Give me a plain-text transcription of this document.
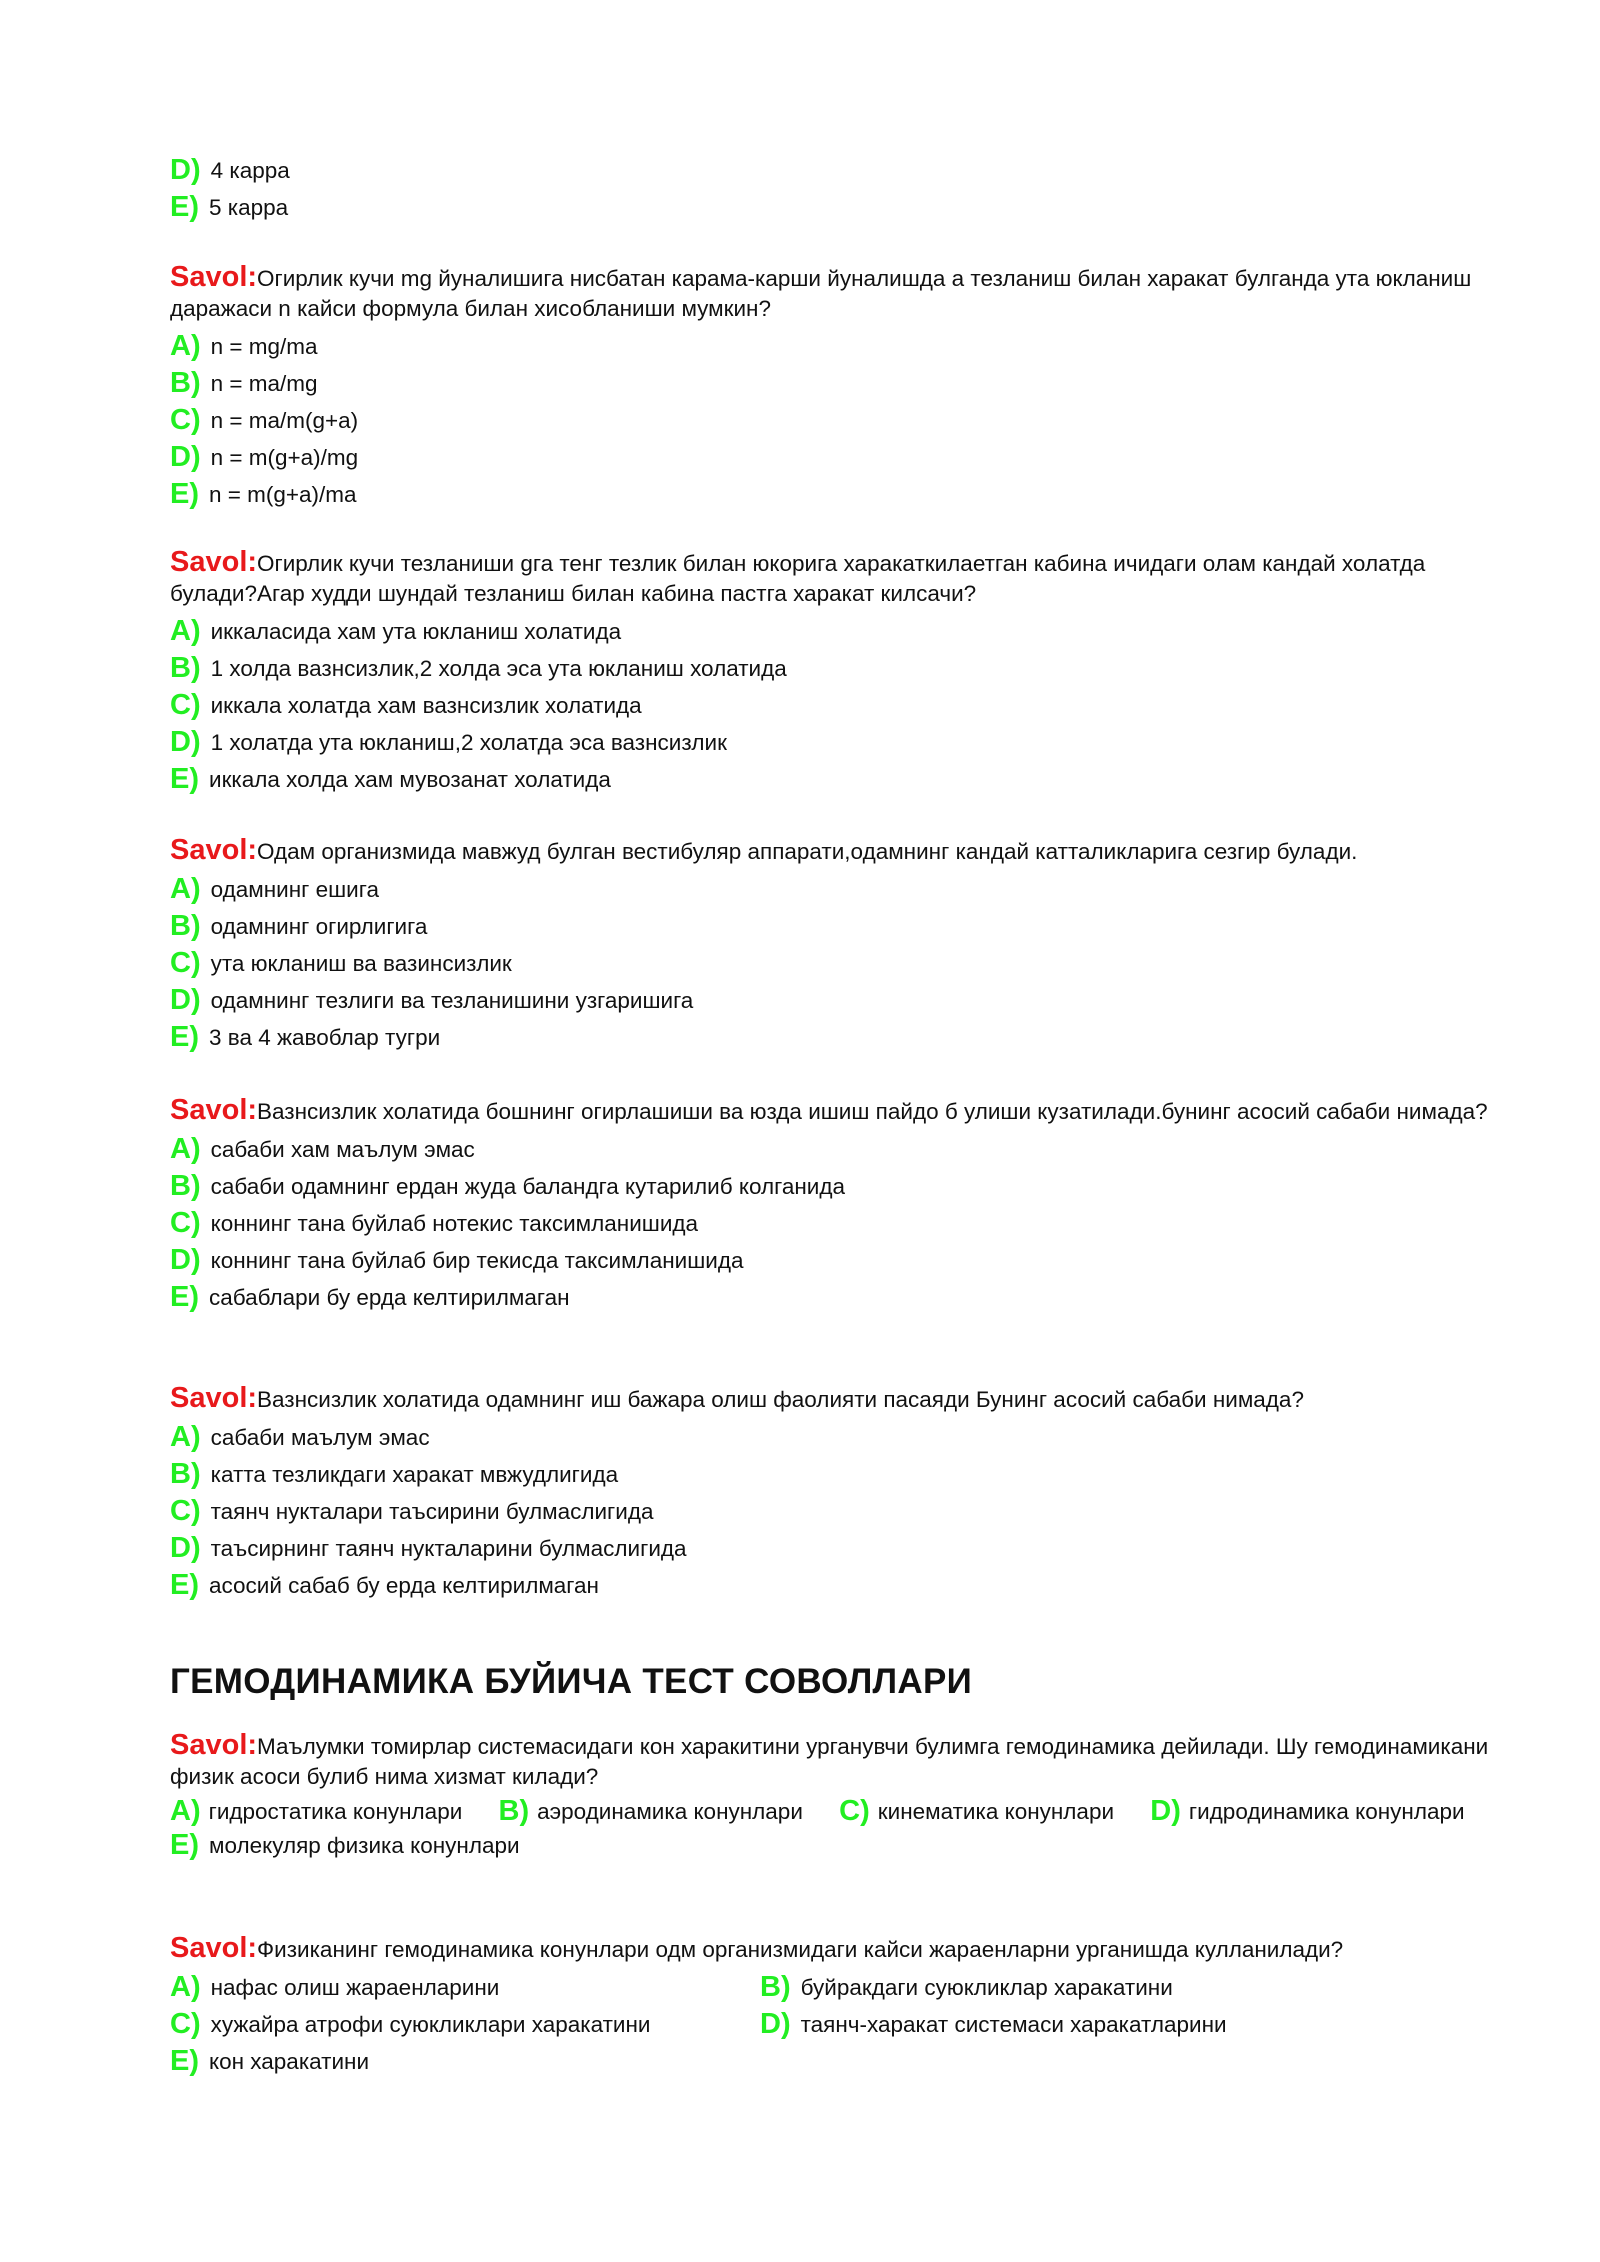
D) 4 карра
E) 5 карра
Savol:Огирлик кучи mg йуналишига нисбатан карама-карши йуналишда a тезланиш билан харакат булганда ута юкланиш даражаси n кайси формула билан хисобланиши мумкин?
A) n = mg/ma
B) n = ma/mg
C) n = ma/m(g+a)
D) n = m(g+a)/mg
E) n = m(g+a)/ma
Savol:Огирлик кучи тезланиши gга тенг тезлик билан юкорига харакаткилаетган кабина ичидаги олам кандай холатда булади?Агар худди шундай тезланиш билан кабина пастга харакат килсачи?
A) иккаласида хам ута юкланиш холатида
B) 1 холда вазнсизлик,2 холда эса ута юкланиш холатида
C) иккала холатда хам вазнсизлик холатида
D) 1 холатда ута юкланиш,2 холатда эса вазнсизлик
E) иккала холда хам мувозанат холатида
Savol:Одам организмида мавжуд булган вестибуляр аппарати,одамнинг кандай катталикларига сезгир булади.
A) одамнинг ешига
B) одамнинг огирлигига
C) ута юкланиш ва вазинсизлик
D) одамнинг тезлиги ва тезланишини узгаришига
E) 3 ва 4 жавоблар тугри
Savol:Вазнсизлик холатида бошнинг огирлашиши ва юзда ишиш пайдо б улиши кузатилади.бунинг асосий сабаби нимада?
A) сабаби хам маълум эмас
B) сабаби одамнинг ердан жуда баландга кутарилиб колганида
C) коннинг тана буйлаб нотекис таксимланишида
D) коннинг тана буйлаб бир текисда таксимланишида
E) сабаблари бу ерда келтирилмаган
Savol:Вазнсизлик холатида одамнинг иш бажара олиш фаолияти пасаяди Бунинг асосий сабаби нимада?
A) сабаби маълум эмас
B) катта тезликдаги харакат мвжудлигида
C) таянч нукталари таъсирини булмаслигида
D) таъсирнинг таянч нукталарини булмаслигида
E) асосий сабаб бу ерда келтирилмаган
ГЕМОДИНАМИКА БУЙИЧА ТЕСТ СОВОЛЛАРИ
Savol:Маълумки томирлар системасидаги кон харакитини урганувчи булимга гемодинамика дейилади. Шу гемодинамикани физик асоси булиб нима хизмат килади?
A) гидростатика конунлари B) аэродинамика конунлари C) кинематика конунлари D) гидродинамика конунлари
E) молекуляр физика конунлари
Savol:Физиканинг гемодинамика конунлари одм организмидаги кайси жараенларни урганишда кулланилади?
A) нафас олиш жараенларини	B) буйракдаги суюкликлар харакатини
C) хужайра атрофи суюкликлари харакатини	D) таянч-харакат системаси харакатларини
E) кон харакатини
